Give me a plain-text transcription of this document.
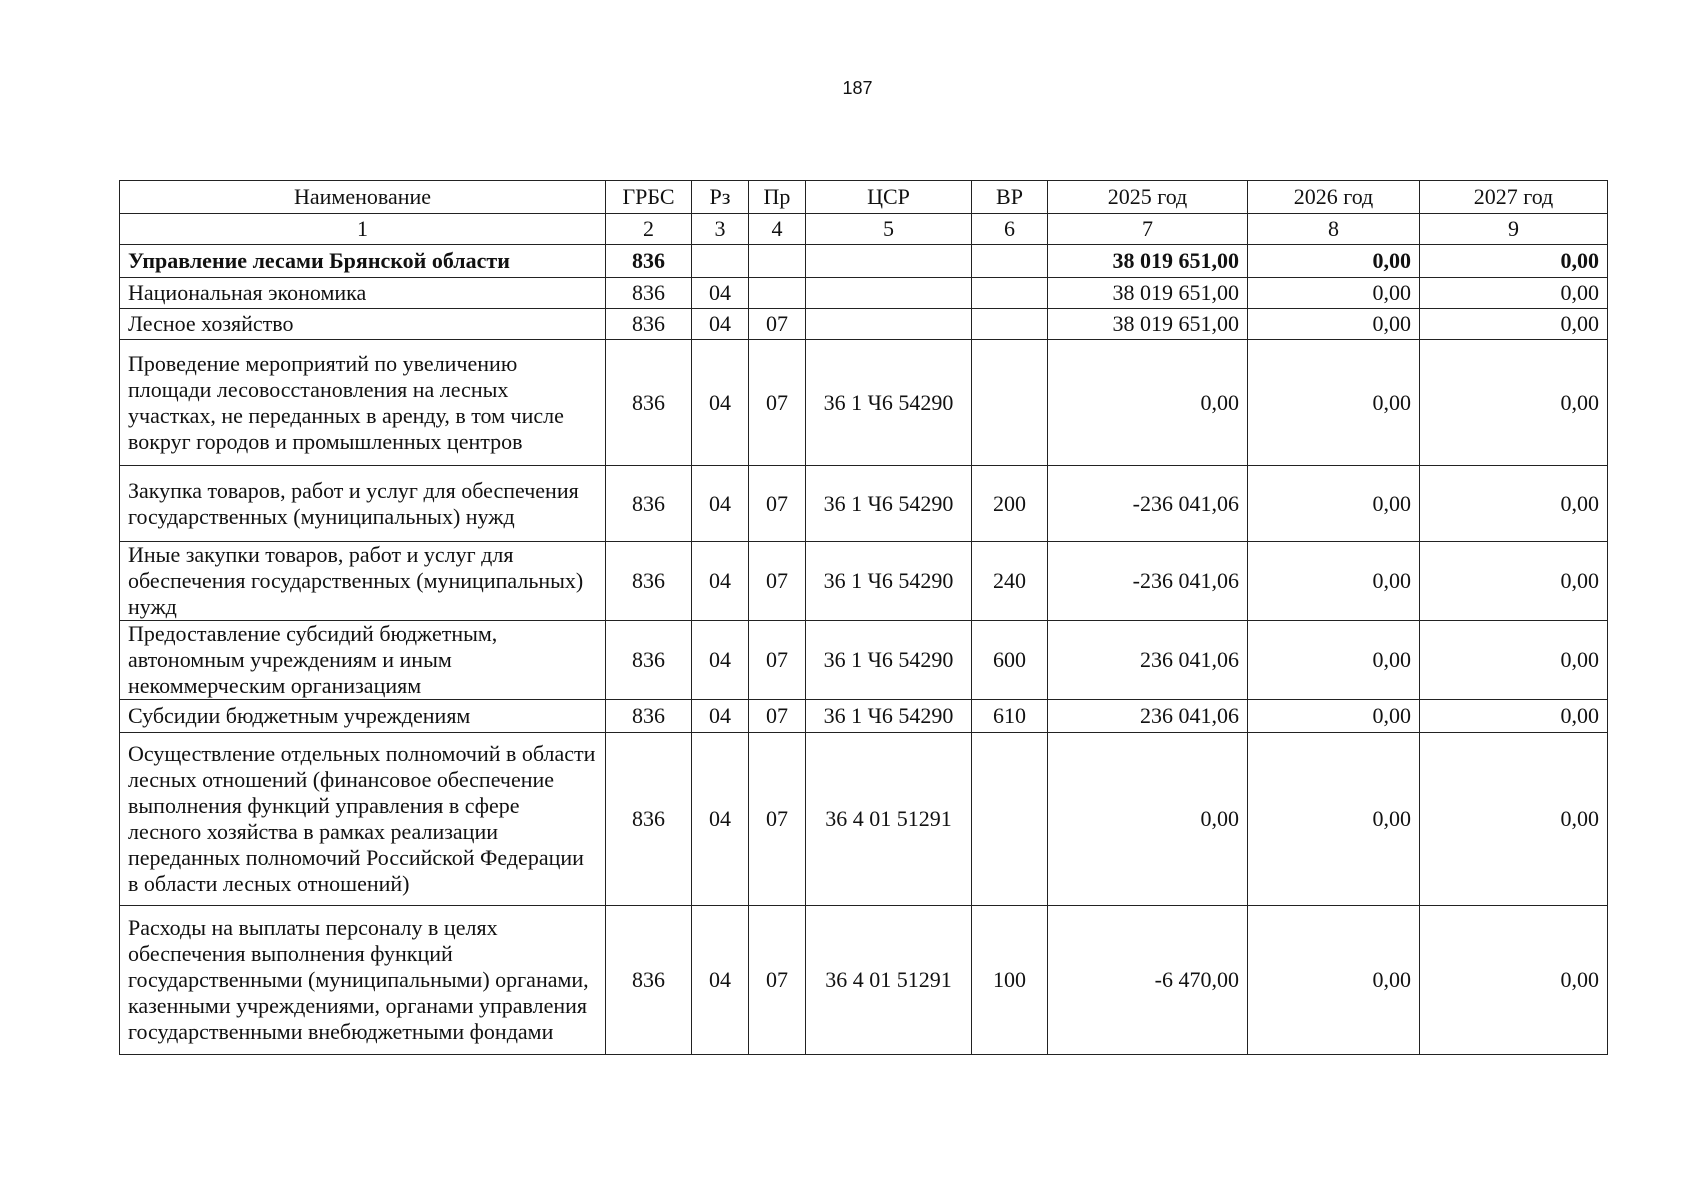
187
Наименование	ГРБС	Рз	Пр	ЦСР	ВР	2025 год	2026 год	2027 год
1	2	3	4	5	6	7	8	9
Управление лесами Брянской области	836					38 019 651,00	0,00	0,00
Национальная экономика	836	04				38 019 651,00	0,00	0,00
Лесное хозяйство	836	04	07			38 019 651,00	0,00	0,00
Проведение мероприятий по увеличению площади лесовосстановления на лесных участках, не переданных в аренду, в том числе вокруг городов и промышленных центров	836	04	07	36 1 Ч6 54290		0,00	0,00	0,00
Закупка товаров, работ и услуг для обеспечения государственных (муниципальных) нужд	836	04	07	36 1 Ч6 54290	200	-236 041,06	0,00	0,00
Иные закупки товаров, работ и услуг для обеспечения государственных (муниципальных) нужд	836	04	07	36 1 Ч6 54290	240	-236 041,06	0,00	0,00
Предоставление субсидий бюджетным, автономным учреждениям и иным некоммерческим организациям	836	04	07	36 1 Ч6 54290	600	236 041,06	0,00	0,00
Субсидии бюджетным учреждениям	836	04	07	36 1 Ч6 54290	610	236 041,06	0,00	0,00
Осуществление отдельных полномочий в области лесных отношений (финансовое обеспечение выполнения функций управления в сфере лесного хозяйства в рамках реализации переданных полномочий Российской Федерации в области лесных отношений)	836	04	07	36 4 01 51291		0,00	0,00	0,00
Расходы на выплаты персоналу в целях обеспечения выполнения функций государственными (муниципальными) органами, казенными учреждениями, органами управления государственными внебюджетными фондами	836	04	07	36 4 01 51291	100	-6 470,00	0,00	0,00
